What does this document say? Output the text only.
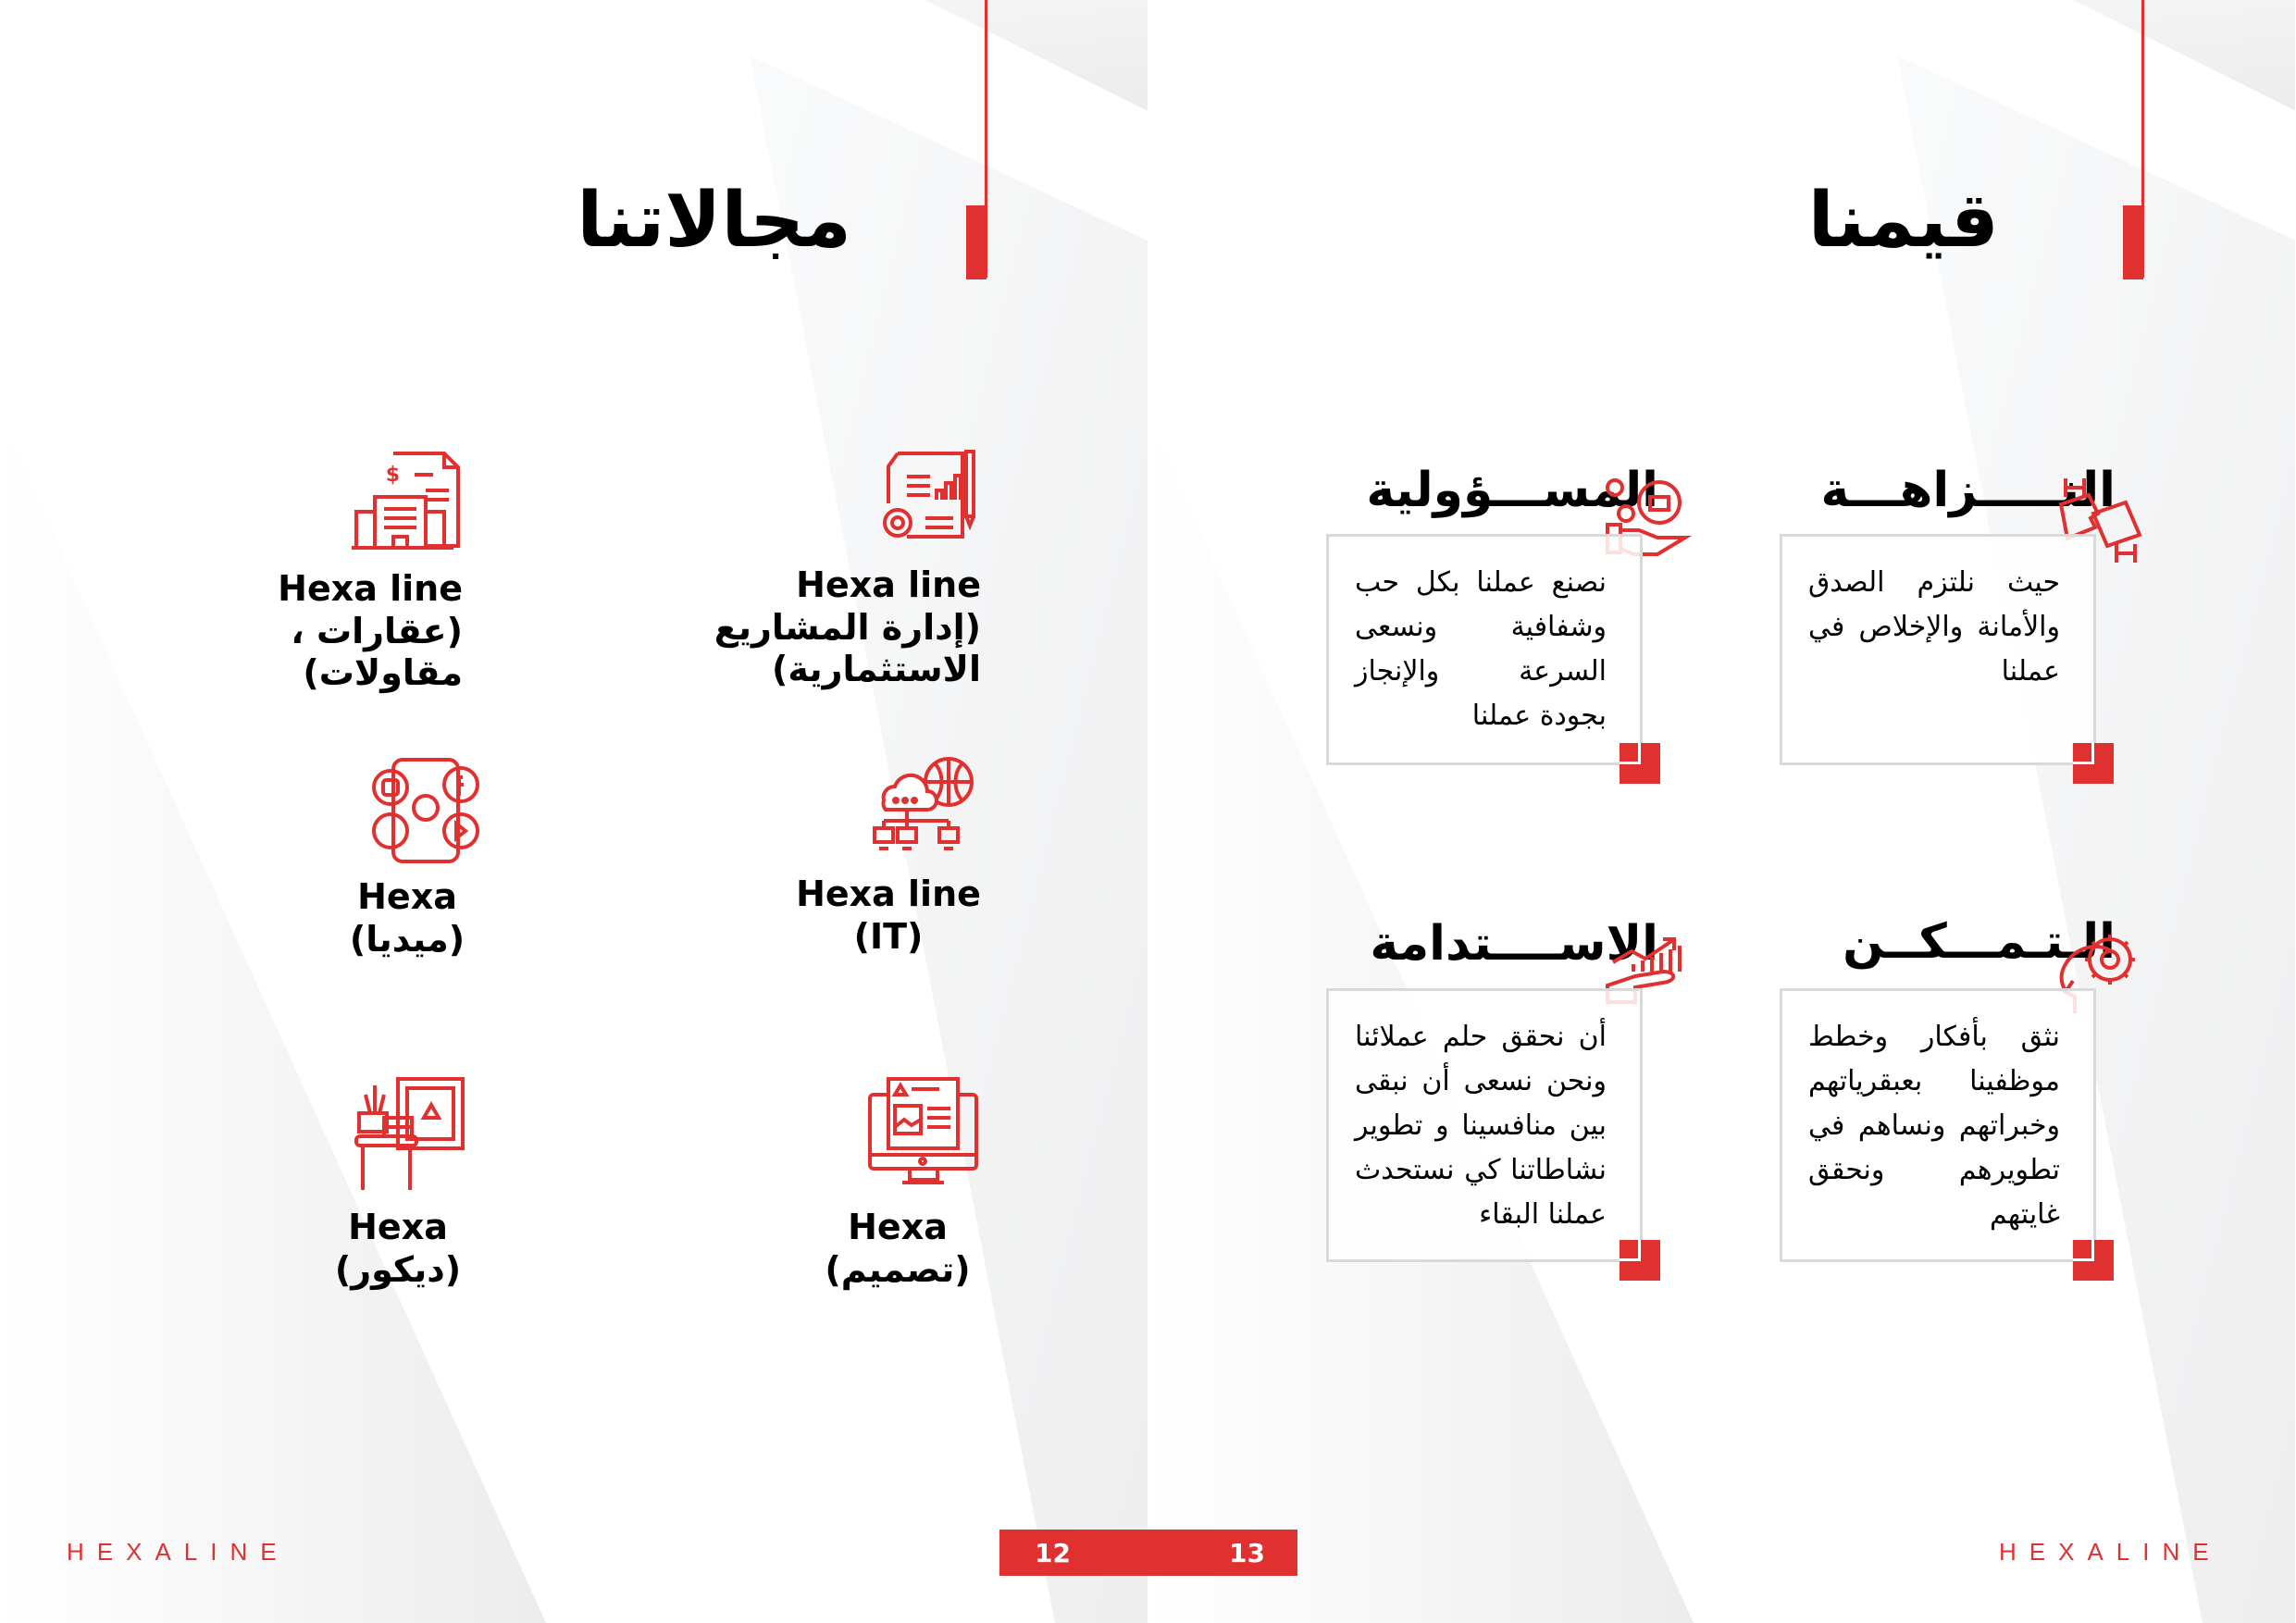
مجالاتنا
Hexa line
(إدارة المشاريع الاستثمارية)
$
Hexa line
(عقارات ، مقاولات)
Hexa line
(IT)
Hexa
(ميديا)
Hexa
(تصميم)
Hexa
(ديكور)
HEXALINE
قيمنا
النـــــزاهـــة
حيث نلتزم الصدق والأمانة والإخلاص في عملنا
المســـؤولية
نصنع عملنا بكل حب وشفافية ونسعى السرعة والإنجاز بجودة عملنا
الـتـمـــكــن
نثق بأفكار وخطط موظفينا بعبقرياتهم وخبراتهم ونساهم في تطويرهم ونحقق غايتهم
الاســــتدامة
أن نحقق حلم عملائنا ونحن نسعى أن نبقى بين منافسينا و تطوير نشاطاتنا كي نستحدث عملنا البقاء
HEXALINE
12	13
